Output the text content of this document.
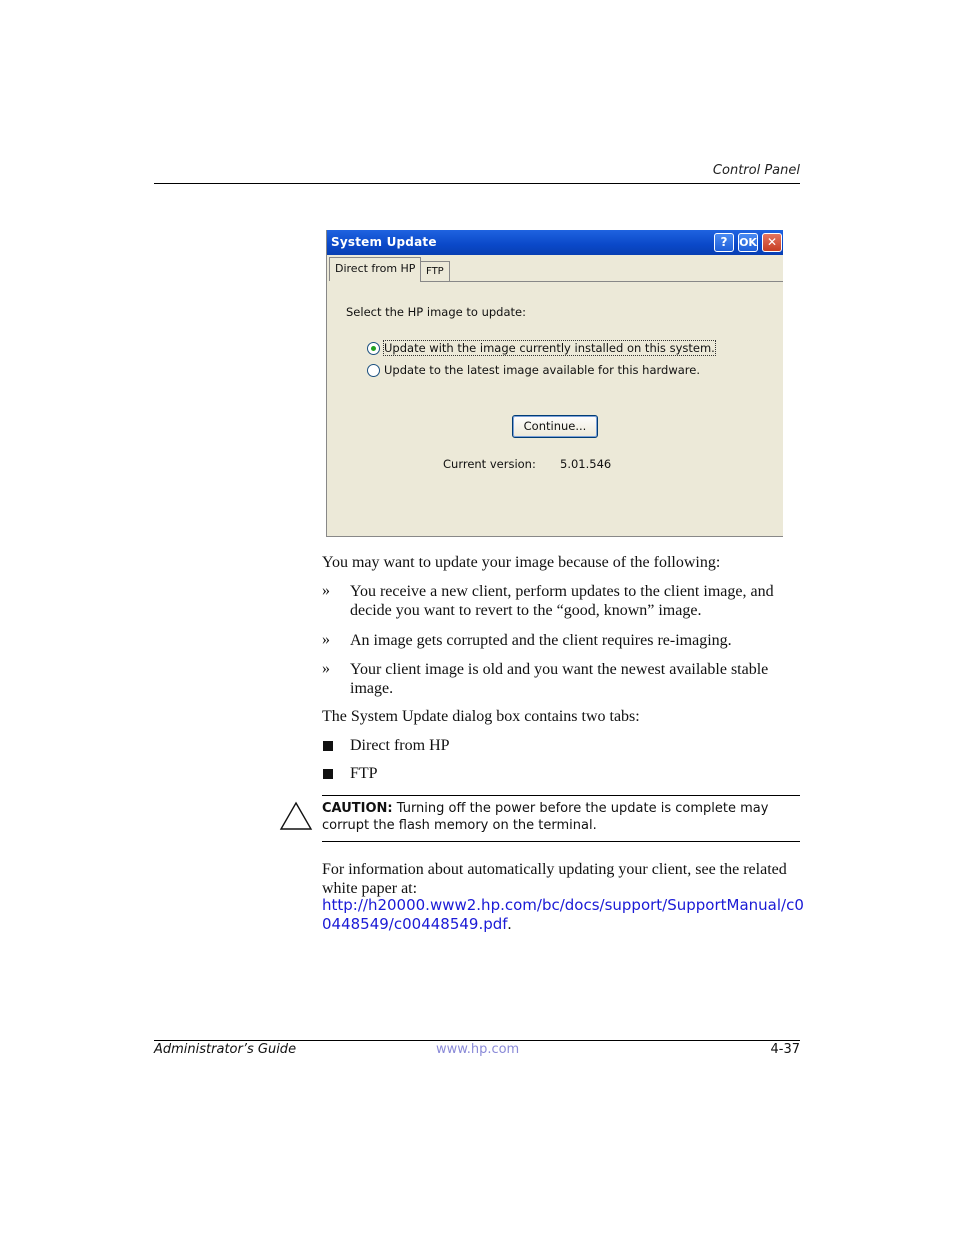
Control Panel
System Update	?	OK ✕
Direct from HP	FTP
Select the HP image to update:
Update with the image currently installed on this system.
Update to the latest image available for this hardware.
Continue...
Current version: 5.01.546
You may want to update your image because of the following:
» You receive a new client, perform updates to the client image, and decide you want to revert to the “good, known” image.
» An image gets corrupted and the client requires re-imaging.
» Your client image is old and you want the newest available stable image.
The System Update dialog box contains two tabs:
Direct from HP
FTP
CAUTION: Turning off the power before the update is complete may corrupt the flash memory on the terminal.
For information about automatically updating your client, see the related white paper at:
http://h20000.www2.hp.com/bc/docs/support/SupportManual/c0
0448549/c00448549.pdf.
Administrator’s Guide	www.hp.com	4-37
